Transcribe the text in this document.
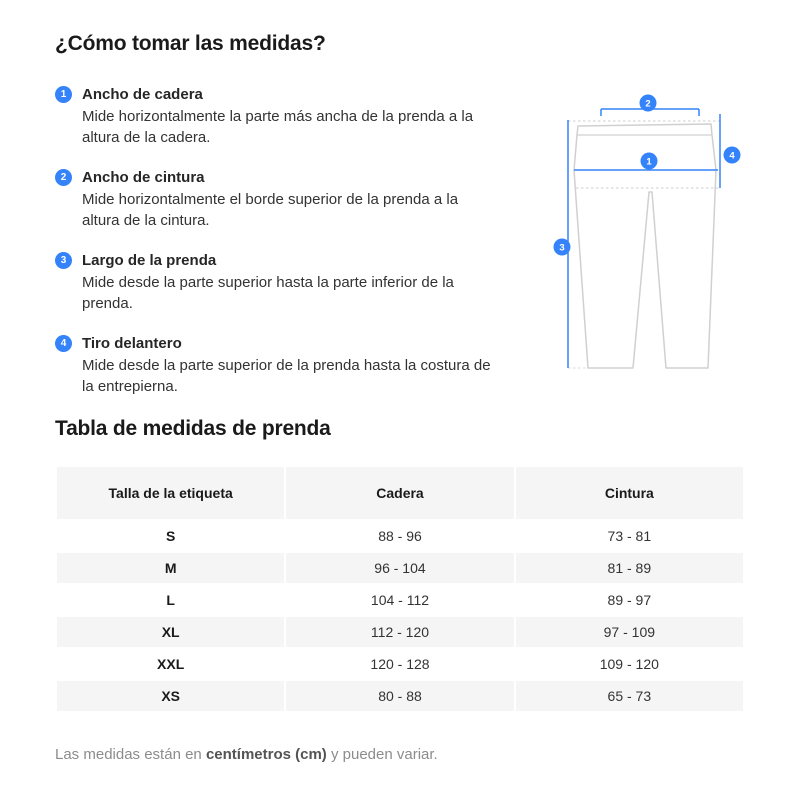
¿Cómo tomar las medidas?
1	Ancho de cadera
Mide horizontalmente la parte más ancha de la prenda a la altura de la cadera.
2	Ancho de cintura
Mide horizontalmente el borde superior de la prenda a la altura de la cintura.
3	Largo de la prenda
Mide desde la parte superior hasta la parte inferior de la prenda.
4	Tiro delantero
Mide desde la parte superior de la prenda hasta la costura de la entrepierna.
Tabla de medidas de prenda
Talla de la etiqueta	Cadera	Cintura
S	88 - 96	73 - 81
M	96 - 104	81 - 89
L	104 - 112	89 - 97
XL	112 - 120	97 - 109
XXL	120 - 128	109 - 120
XS	80 - 88	65 - 73

Las medidas están en centímetros (cm) y pueden variar.

2
4
1
3
